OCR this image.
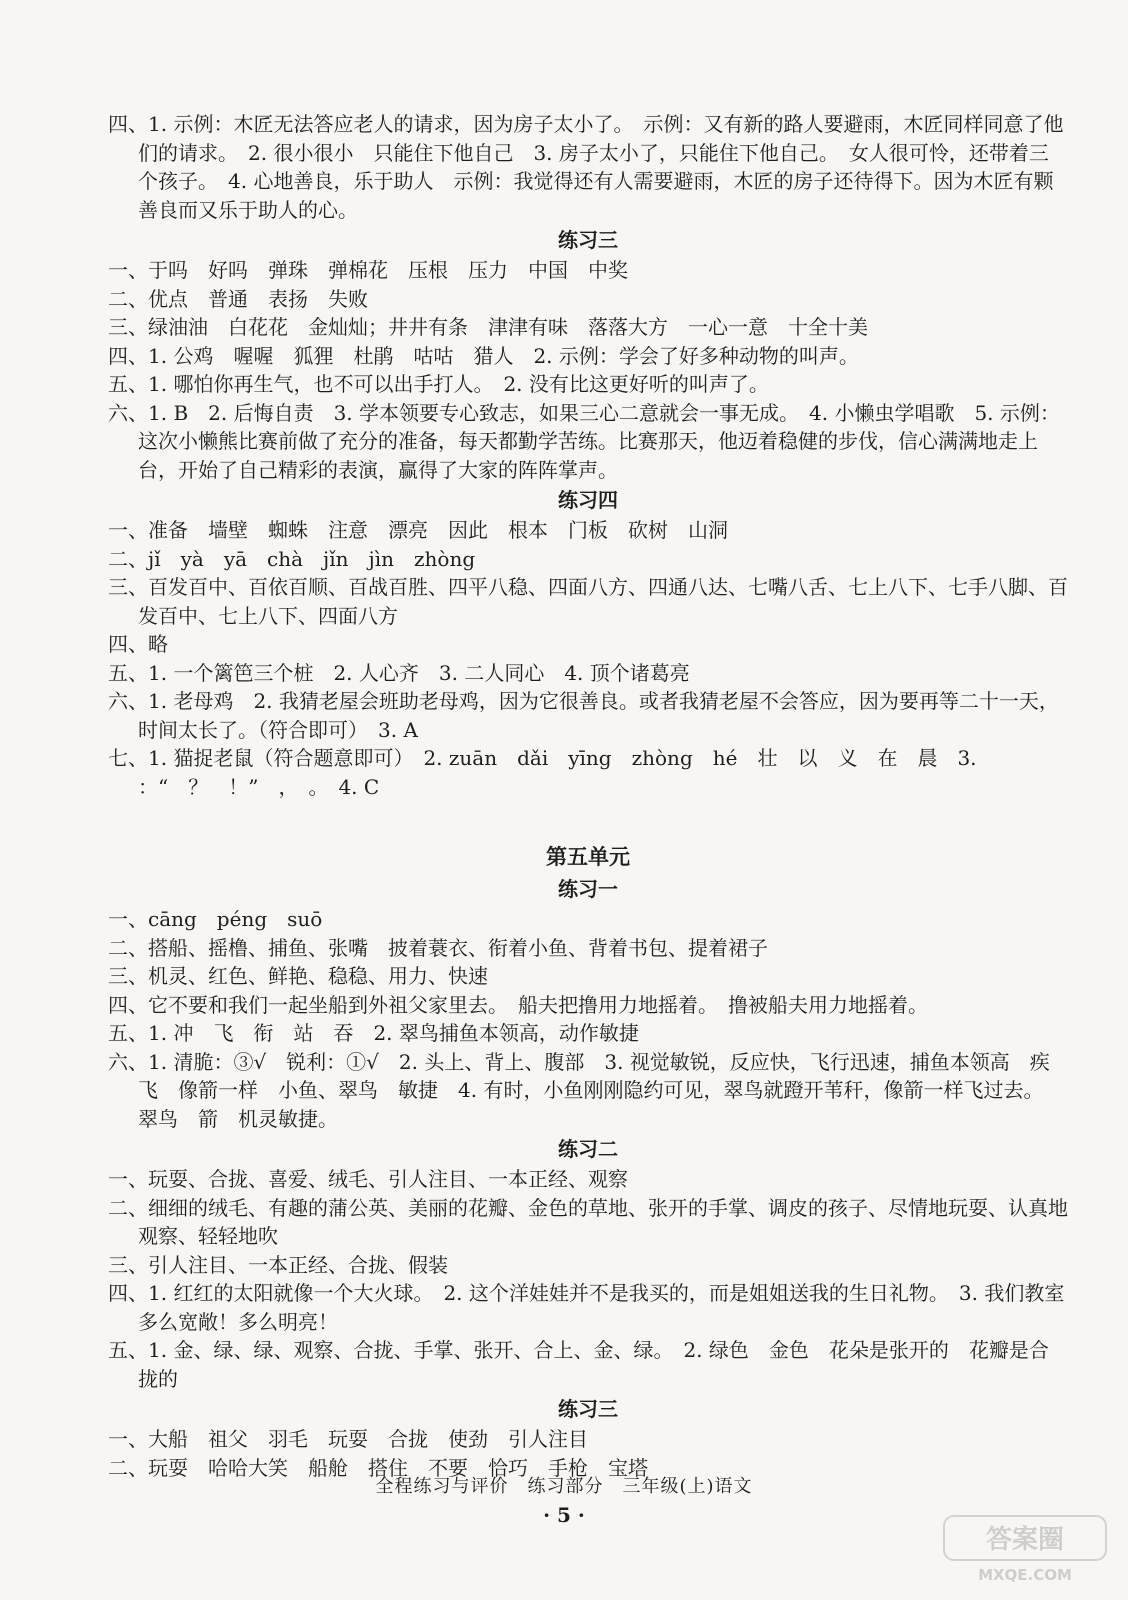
四、1. 示例：木匠无法答应老人的请求，因为房子太小了。　示例：又有新的路人要避雨，木匠同样同意了他们的请求。　2. 很小很小　只能住下他自己　3. 房子太小了，只能住下他自己。　女人很可怜，还带着三个孩子。　4. 心地善良，乐于助人　示例：我觉得还有人需要避雨，木匠的房子还待得下。因为木匠有颗善良而又乐于助人的心。

练习三

一、于吗　好吗　弹珠　弹棉花　压根　压力　中国　中奖

二、优点　普通　表扬　失败

三、绿油油　白花花　金灿灿；井井有条　津津有味　落落大方　一心一意　十全十美

四、1. 公鸡　喔喔　狐狸　杜鹃　咕咕　猎人　2. 示例：学会了好多种动物的叫声。

五、1. 哪怕你再生气，也不可以出手打人。　2. 没有比这更好听的叫声了。

六、1. B　2. 后悔自责　3. 学本领要专心致志，如果三心二意就会一事无成。　4. 小懒虫学唱歌　5. 示例：这次小懒熊比赛前做了充分的准备，每天都勤学苦练。比赛那天，他迈着稳健的步伐，信心满满地走上台，开始了自己精彩的表演，赢得了大家的阵阵掌声。

练习四

一、准备　墙壁　蜘蛛　注意　漂亮　因此　根本　门板　砍树　山洞

二、jǐ　yà　yā　chà　jǐn　jìn　zhòng

三、百发百中、百依百顺、百战百胜、四平八稳、四面八方、四通八达、七嘴八舌、七上八下、七手八脚、百发百中、七上八下、四面八方

四、略

五、1. 一个篱笆三个桩　2. 人心齐　3. 二人同心　4. 顶个诸葛亮

六、1. 老母鸡　2. 我猜老屋会班助老母鸡，因为它很善良。或者我猜老屋不会答应，因为要再等二十一天，时间太长了。（符合即可）　3. A

七、1. 猫捉老鼠（符合题意即可）　2. zuān　dǎi　yīng　zhòng　hé　壮　以　义　在　晨　3. ：“　？　！”　，　。　4. C

第五单元

练习一

一、cāng　péng　suō

二、搭船、摇橹、捕鱼、张嘴　披着蓑衣、衔着小鱼、背着书包、提着裙子

三、机灵、红色、鲜艳、稳稳、用力、快速

四、它不要和我们一起坐船到外祖父家里去。　船夫把撸用力地摇着。　撸被船夫用力地摇着。

五、1. 冲　飞　衔　站　吞　2. 翠鸟捕鱼本领高，动作敏捷

六、1. 清脆：③√　锐利：①√　2. 头上、背上、腹部　3. 视觉敏锐，反应快，飞行迅速，捕鱼本领高　疾飞　像箭一样　小鱼、翠鸟　敏捷　4. 有时，小鱼刚刚隐约可见，翠鸟就蹬开苇秆，像箭一样飞过去。　翠鸟　箭　机灵敏捷。

练习二

一、玩耍、合拢、喜爱、绒毛、引人注目、一本正经、观察

二、细细的绒毛、有趣的蒲公英、美丽的花瓣、金色的草地、张开的手掌、调皮的孩子、尽情地玩耍、认真地观察、轻轻地吹

三、引人注目、一本正经、合拢、假装

四、1. 红红的太阳就像一个大火球。　2. 这个洋娃娃并不是我买的，而是姐姐送我的生日礼物。　3. 我们教室多么宽敞！多么明亮！

五、1. 金、绿、绿、观察、合拢、手掌、张开、合上、金、绿。　2. 绿色　金色　花朵是张开的　花瓣是合拢的

练习三

一、大船　祖父　羽毛　玩耍　合拢　使劲　引人注目

二、玩耍　哈哈大笑　船舱　搭住　不要　恰巧　手枪　宝塔

全程练习与评价　练习部分　三年级(上)语文
· 5 ·
答案圈
MXQE.COM
